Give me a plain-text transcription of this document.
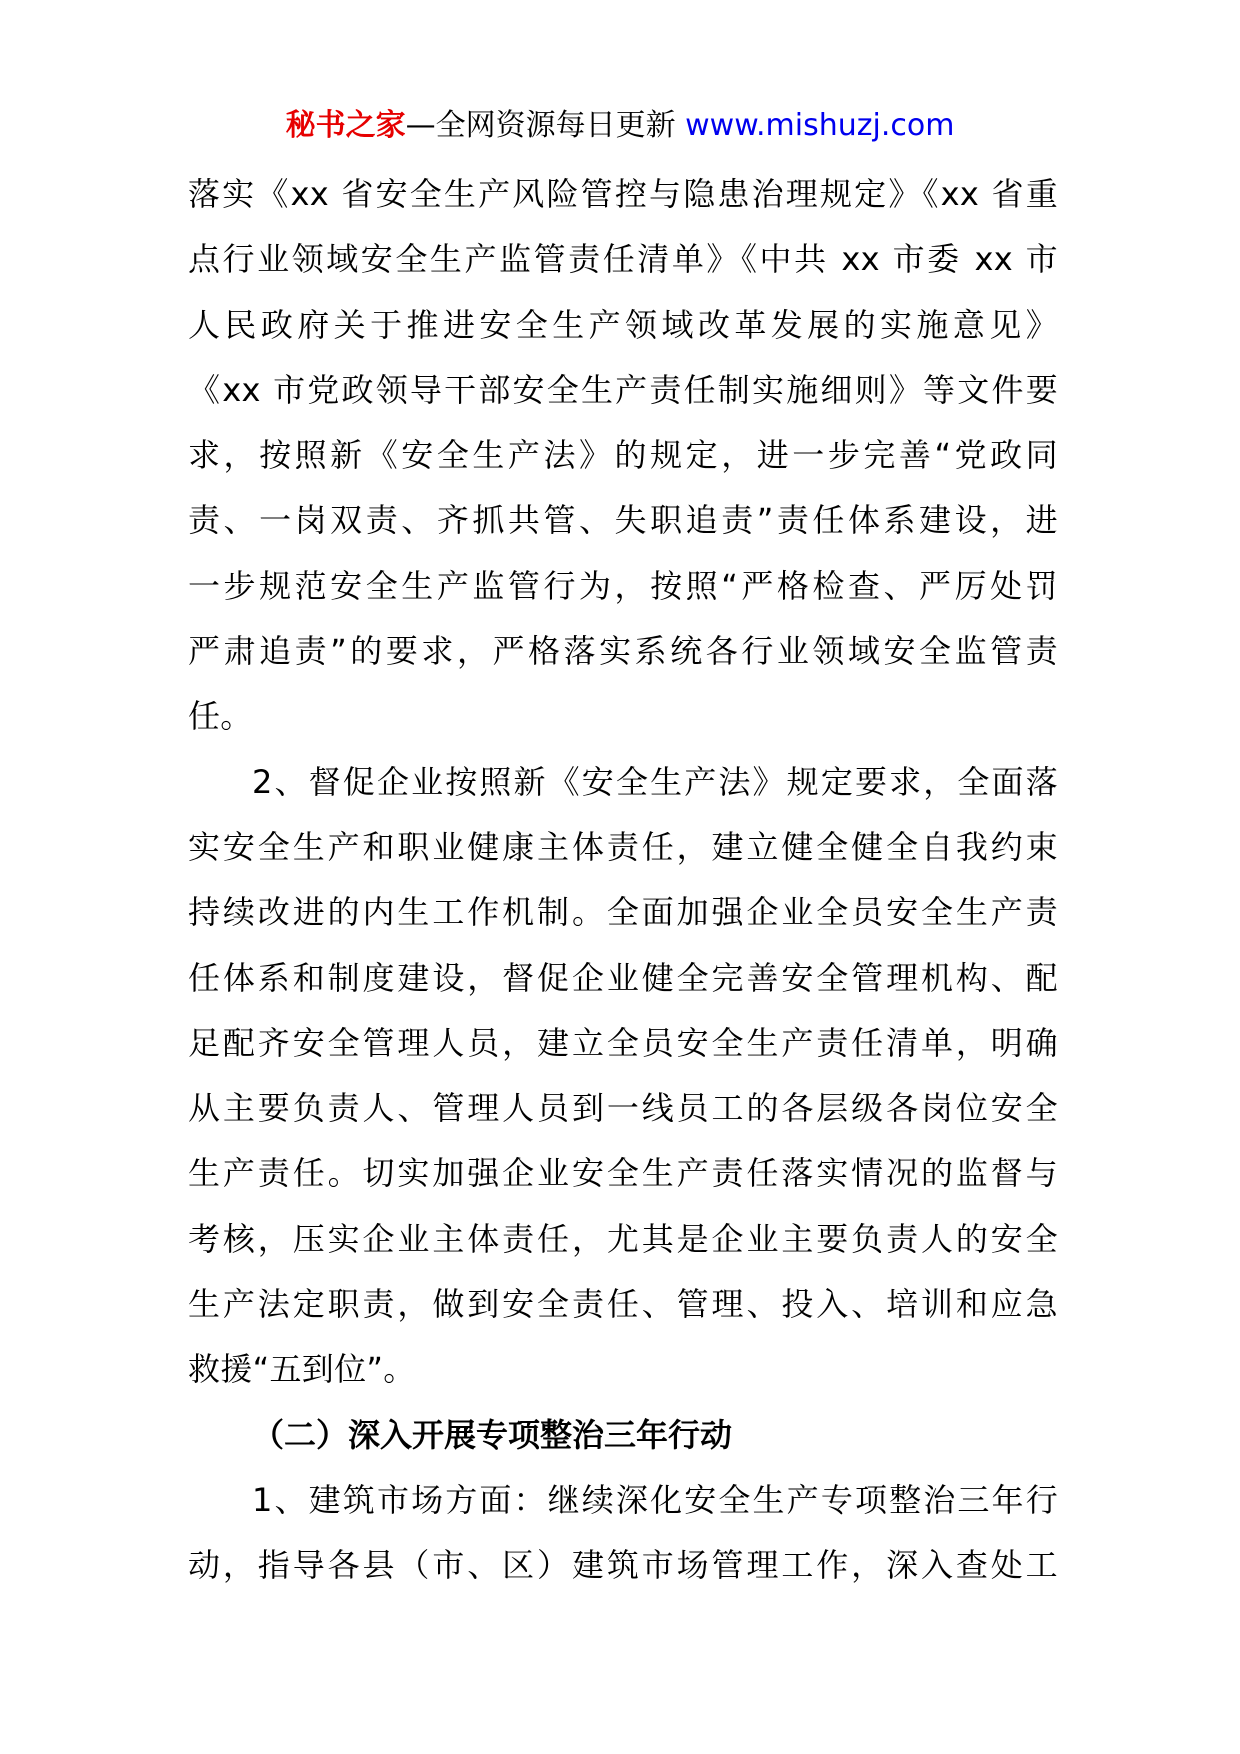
秘书之家—全网资源每日更新 www.mishuzj.com
落实《xx 省安全生产风险管控与隐患治理规定》《xx 省重
点行业领域安全生产监管责任清单》《中共 xx 市委 xx 市
人民政府关于推进安全生产领域改革发展的实施意见》
《xx 市党政领导干部安全生产责任制实施细则》等文件要
求，按照新《安全生产法》的规定，进一步完善“党政同
责、一岗双责、齐抓共管、失职追责”责任体系建设，进
一步规范安全生产监管行为，按照“严格检查、严厉处罚
严肃追责”的要求，严格落实系统各行业领域安全监管责
任。
2、督促企业按照新《安全生产法》规定要求，全面落
实安全生产和职业健康主体责任，建立健全健全自我约束
持续改进的内生工作机制。全面加强企业全员安全生产责
任体系和制度建设，督促企业健全完善安全管理机构、配
足配齐安全管理人员，建立全员安全生产责任清单，明确
从主要负责人、管理人员到一线员工的各层级各岗位安全
生产责任。切实加强企业安全生产责任落实情况的监督与
考核，压实企业主体责任，尤其是企业主要负责人的安全
生产法定职责，做到安全责任、管理、投入、培训和应急
救援“五到位”。
（二）深入开展专项整治三年行动
1、建筑市场方面：继续深化安全生产专项整治三年行
动，指导各县（市、区）建筑市场管理工作，深入查处工
